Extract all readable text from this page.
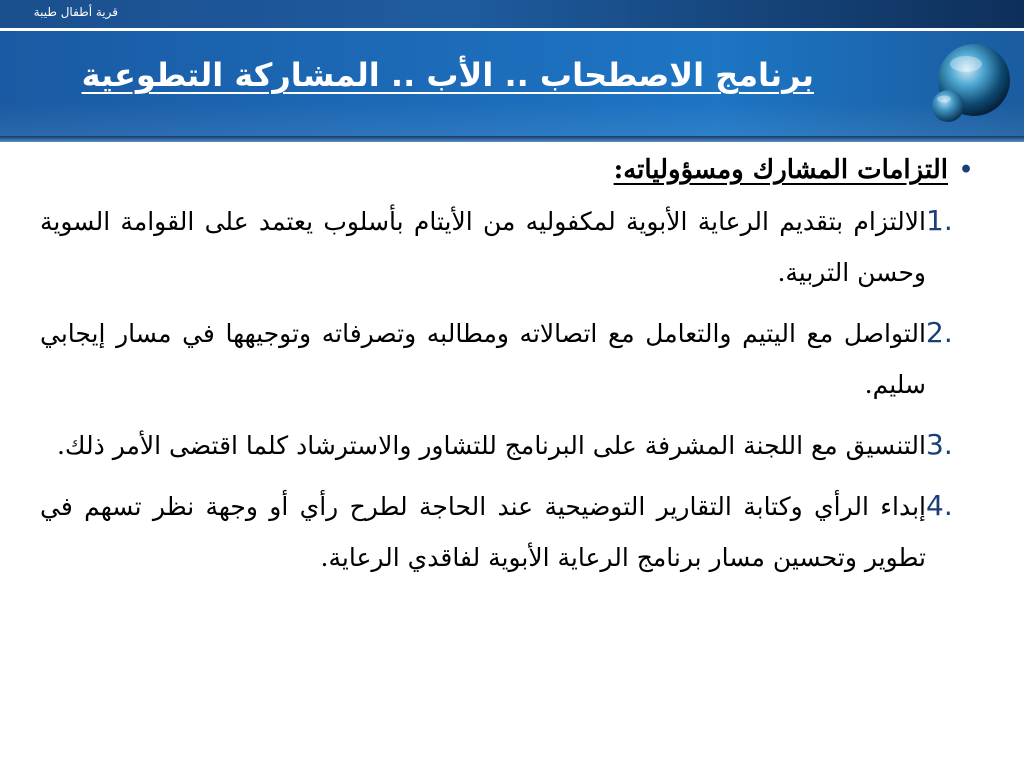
قرية أطفال طيبة
برنامج الاصطحاب .. الأب .. المشاركة التطوعية
•
التزامات المشارك ومسؤولياته:
1.
الالتزام بتقديم الرعاية الأبوية لمكفوليه من الأيتام بأسلوب يعتمد على القوامة السوية وحسن التربية.
2.
التواصل مع اليتيم والتعامل مع اتصالاته ومطالبه وتصرفاته وتوجيهها في مسار إيجابي سليم.
3.
التنسيق مع اللجنة المشرفة على البرنامج للتشاور والاسترشاد كلما اقتضى الأمر ذلك.
4.
إبداء الرأي وكتابة التقارير التوضيحية عند الحاجة لطرح رأي أو وجهة نظر تسهم في تطوير وتحسين مسار برنامج الرعاية الأبوية لفاقدي الرعاية.
